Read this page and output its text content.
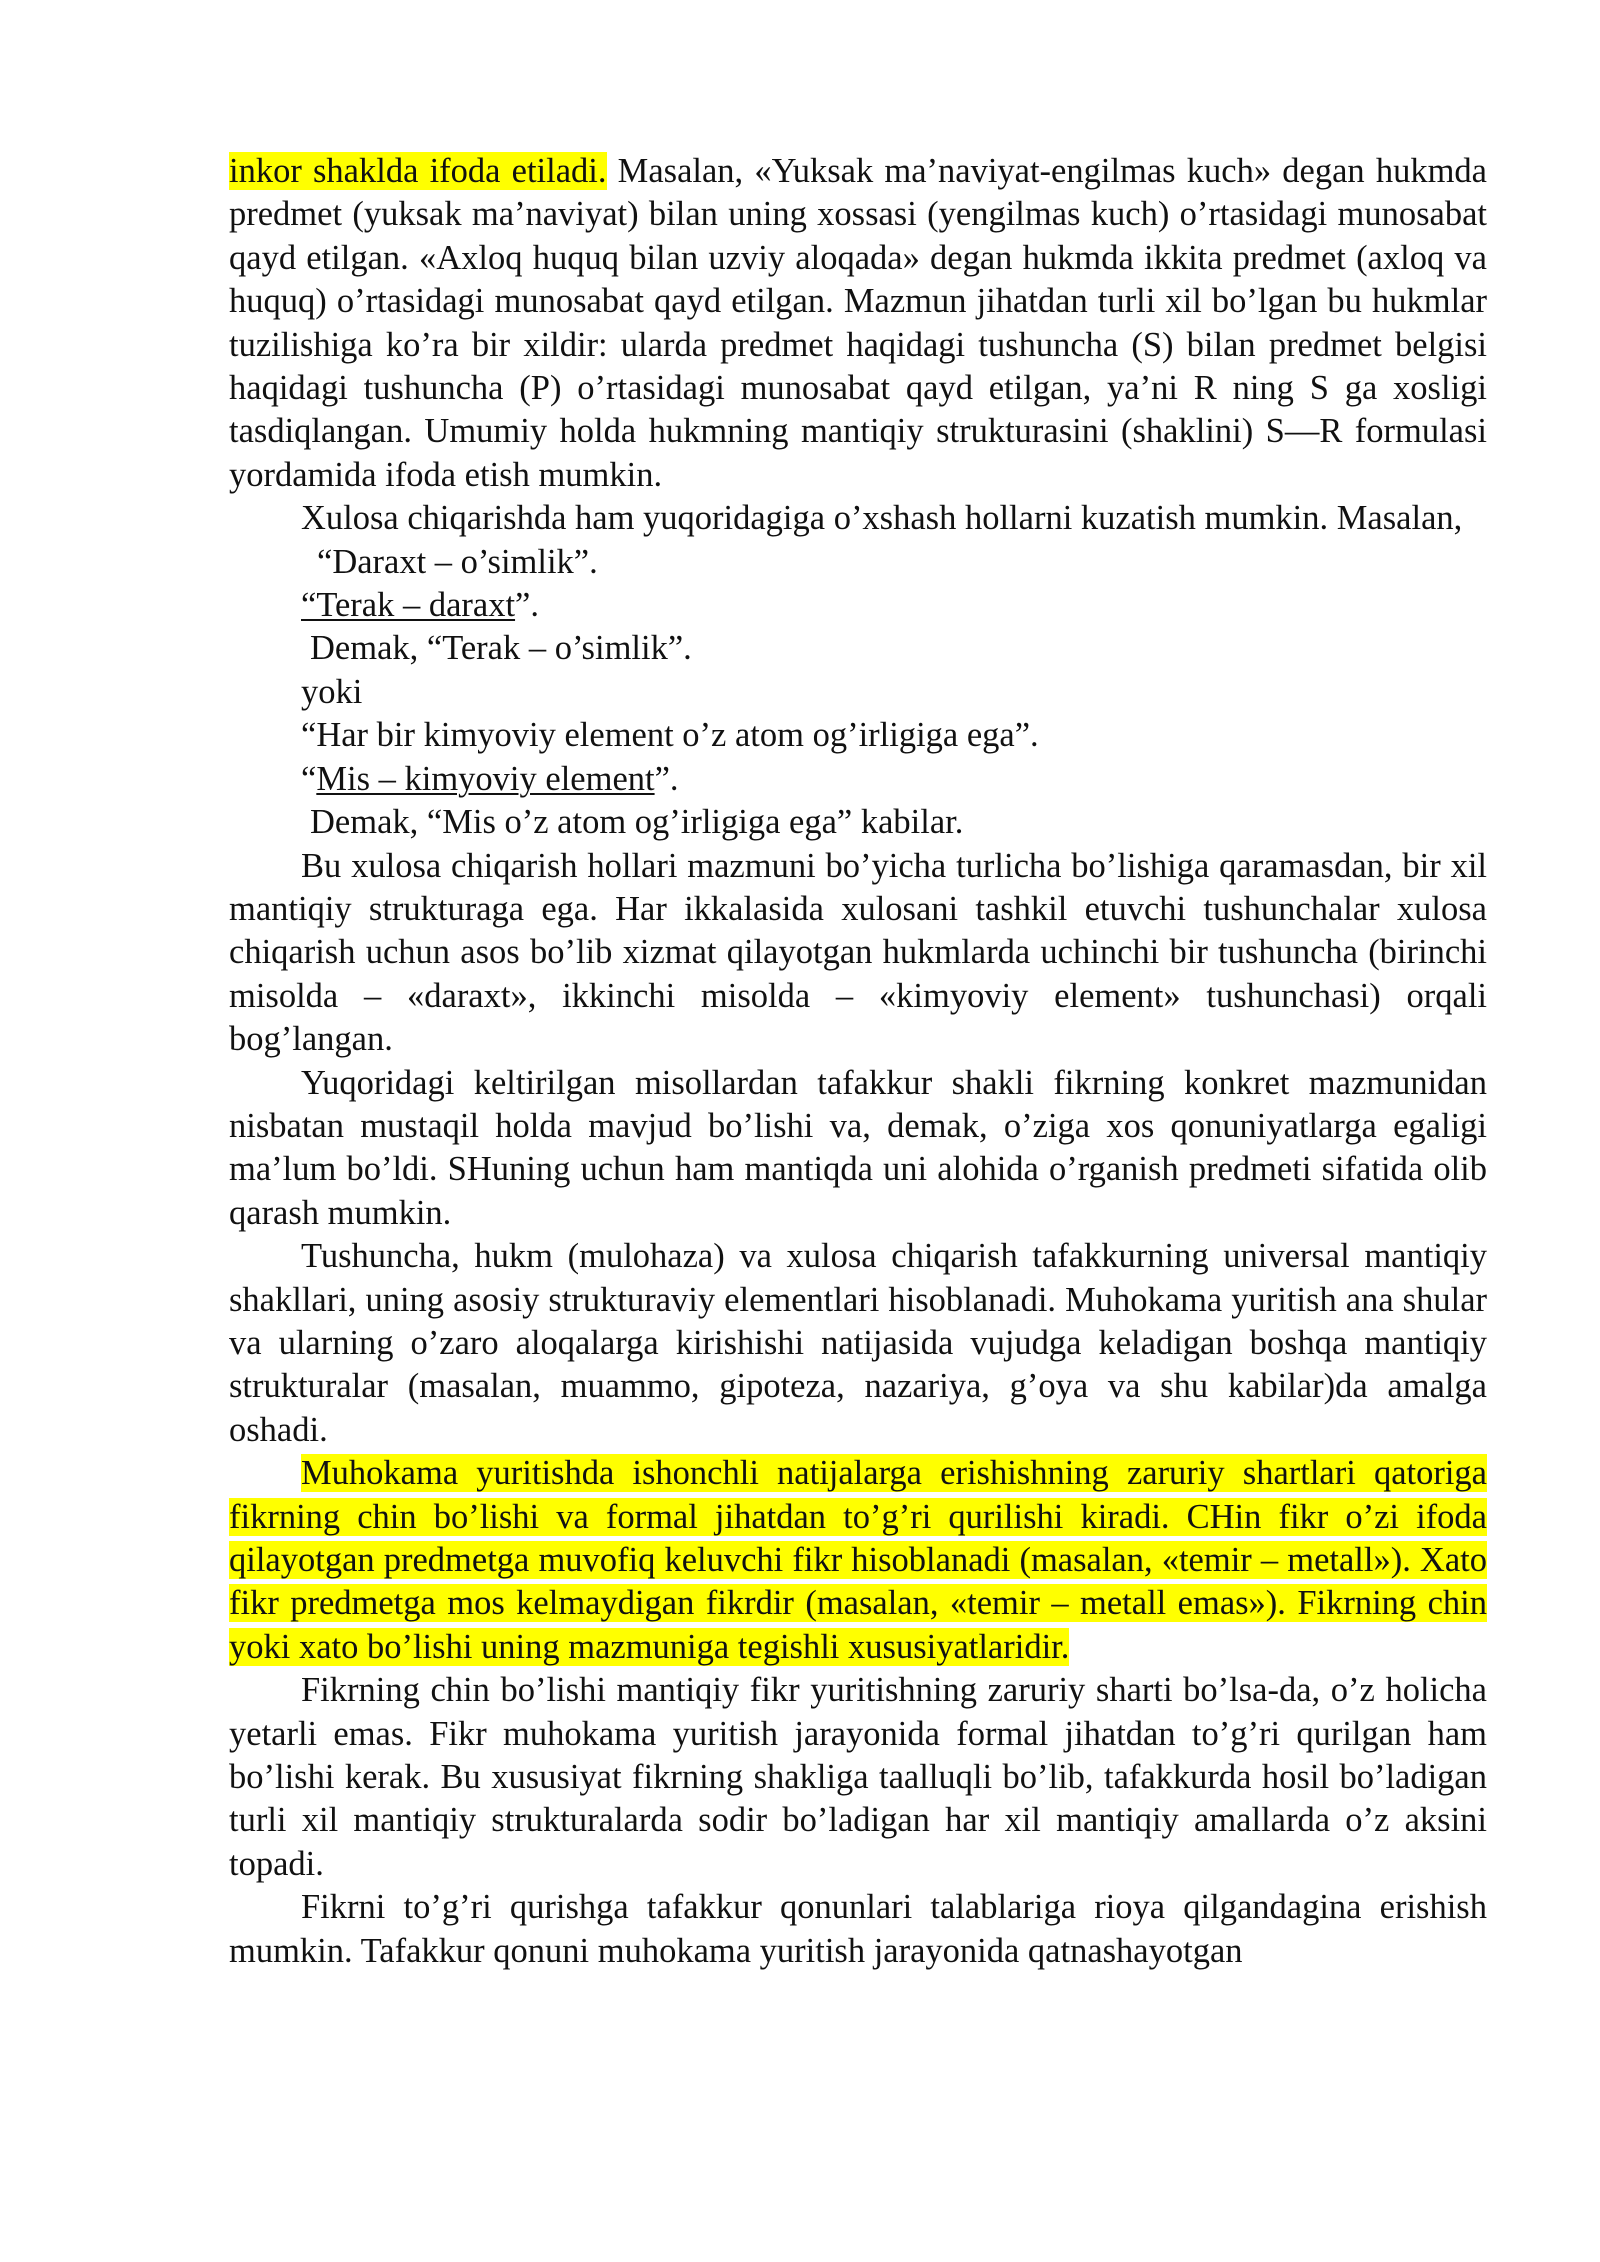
inkor shaklda ifoda etiladi. Masalan, «Yuksak ma’naviyat-engilmas kuch» degan hukmda predmet (yuksak ma’naviyat) bilan uning xossasi (yengilmas kuch) o’rtasidagi munosabat qayd etilgan. «Axloq huquq bilan uzviy aloqada» degan hukmda ikkita predmet (axloq va huquq) o’rtasidagi munosabat qayd etilgan. Mazmun jihatdan turli xil bo’lgan bu hukmlar tuzilishiga ko’ra bir xildir: ularda predmet haqidagi tushuncha (S) bilan predmet belgisi haqidagi tushuncha (P) o’rtasidagi munosabat qayd etilgan, ya’ni R ning S ga xosligi tasdiqlangan. Umumiy holda hukmning mantiqiy strukturasini (shaklini) S—R formulasi yordamida ifoda etish mumkin.

Xulosa chiqarishda ham yuqoridagiga o’xshash hollarni kuzatish mumkin. Masalan,

“Daraxt – o’simlik”.

“Terak – daraxt”.

Demak, “Terak – o’simlik”.

yoki

“Har bir kimyoviy element o’z atom og’irligiga ega”.

“Mis – kimyoviy element”.

Demak, “Mis o’z atom og’irligiga ega” kabilar.

Bu xulosa chiqarish hollari mazmuni bo’yicha turlicha bo’lishiga qaramasdan, bir xil mantiqiy strukturaga ega. Har ikkalasida xulosani tashkil etuvchi tushunchalar xulosa chiqarish uchun asos bo’lib xizmat qilayotgan hukmlarda uchinchi bir tushuncha (birinchi misolda – «daraxt», ikkinchi misolda – «kimyoviy element» tushunchasi) orqali bog’langan.

Yuqoridagi keltirilgan misollardan tafakkur shakli fikrning konkret mazmunidan nisbatan mustaqil holda mavjud bo’lishi va, demak, o’ziga xos qonuniyatlarga egaligi ma’lum bo’ldi. SHuning uchun ham mantiqda uni alohida o’rganish predmeti sifatida olib qarash mumkin.

Tushuncha, hukm (mulohaza) va xulosa chiqarish tafakkurning universal mantiqiy shakllari, uning asosiy strukturaviy elementlari hisoblanadi. Muhokama yuritish ana shular va ularning o’zaro aloqalarga kirishishi natijasida vujudga keladigan boshqa mantiqiy strukturalar (masalan, muammo, gipoteza, nazariya, g’oya va shu kabilar)da amalga oshadi.

Muhokama yuritishda ishonchli natijalarga erishishning zaruriy shartlari qatoriga fikrning chin bo’lishi va formal jihatdan to’g’ri qurilishi kiradi. CHin fikr o’zi ifoda qilayotgan predmetga muvofiq keluvchi fikr hisoblanadi (masalan, «temir – metall»). Xato fikr predmetga mos kelmaydigan fikrdir (masalan, «temir – metall emas»). Fikrning chin yoki xato bo’lishi uning mazmuniga tegishli xususiyatlaridir.

Fikrning chin bo’lishi mantiqiy fikr yuritishning zaruriy sharti bo’lsa-da, o’z holicha yetarli emas. Fikr muhokama yuritish jarayonida formal jihatdan to’g’ri qurilgan ham bo’lishi kerak. Bu xususiyat fikrning shakliga taalluqli bo’lib, tafakkurda hosil bo’ladigan turli xil mantiqiy strukturalarda sodir bo’ladigan har xil mantiqiy amallarda o’z aksini topadi.

Fikrni to’g’ri qurishga tafakkur qonunlari talablariga rioya qilgandagina erishish mumkin. Tafakkur qonuni muhokama yuritish jarayonida qatnashayotgan
